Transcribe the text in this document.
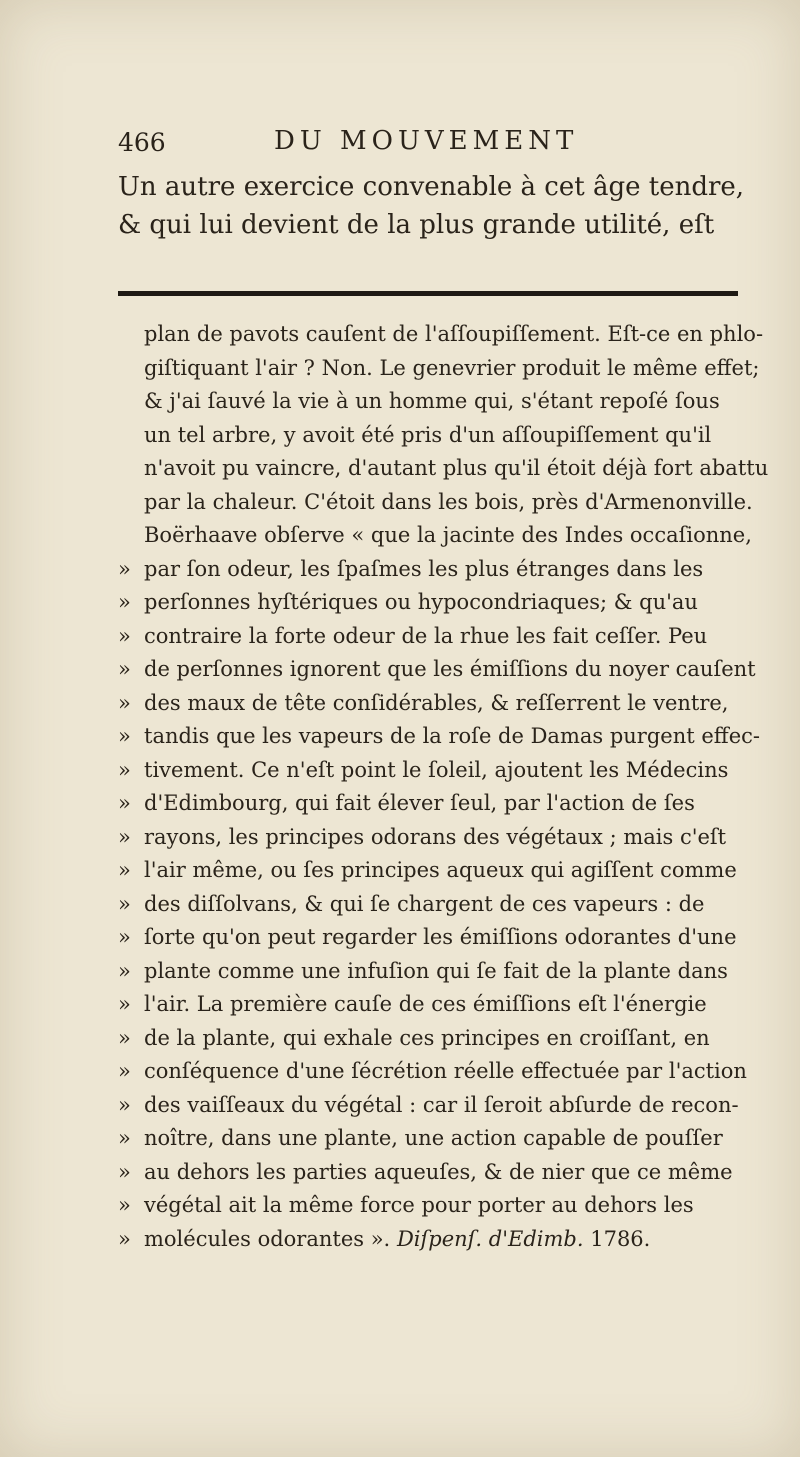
466	DU MOUVEMENT
Un autre exercice convenable à cet âge tendre,
& qui lui devient de la plus grande utilité, eſt
plan de pavots cauſent de l'aſſoupiſſement. Eſt-ce en phlo-
giſtiquant l'air ? Non. Le genevrier produit le même effet;
& j'ai ſauvé la vie à un homme qui, s'étant repoſé ſous
un tel arbre, y avoit été pris d'un aſſoupiſſement qu'il
n'avoit pu vaincre, d'autant plus qu'il étoit déjà fort abattu
par la chaleur. C'étoit dans les bois, près d'Armenonville.
Boërhaave obſerve « que la jacinte des Indes occaſionne,
» par ſon odeur, les ſpaſmes les plus étranges dans les
» perſonnes hyſtériques ou hypocondriaques; & qu'au
» contraire la forte odeur de la rhue les fait ceſſer. Peu
» de perſonnes ignorent que les émiſſions du noyer cauſent
» des maux de tête conſidérables, & reſſerrent le ventre,
» tandis que les vapeurs de la roſe de Damas purgent effec-
» tivement. Ce n'eſt point le ſoleil, ajoutent les Médecins
» d'Edimbourg, qui fait élever ſeul, par l'action de ſes
» rayons, les principes odorans des végétaux ; mais c'eſt
» l'air même, ou ſes principes aqueux qui agiſſent comme
» des diſſolvans, & qui ſe chargent de ces vapeurs : de
» ſorte qu'on peut regarder les émiſſions odorantes d'une
» plante comme une infuſion qui ſe fait de la plante dans
» l'air. La première cauſe de ces émiſſions eſt l'énergie
» de la plante, qui exhale ces principes en croiſſant, en
» conſéquence d'une ſécrétion réelle effectuée par l'action
» des vaiſſeaux du végétal : car il ſeroit abſurde de recon-
» noître, dans une plante, une action capable de pouſſer
» au dehors les parties aqueuſes, & de nier que ce même
» végétal ait la même force pour porter au dehors les
» molécules odorantes ». Diſpenſ. d'Edimb. 1786.
